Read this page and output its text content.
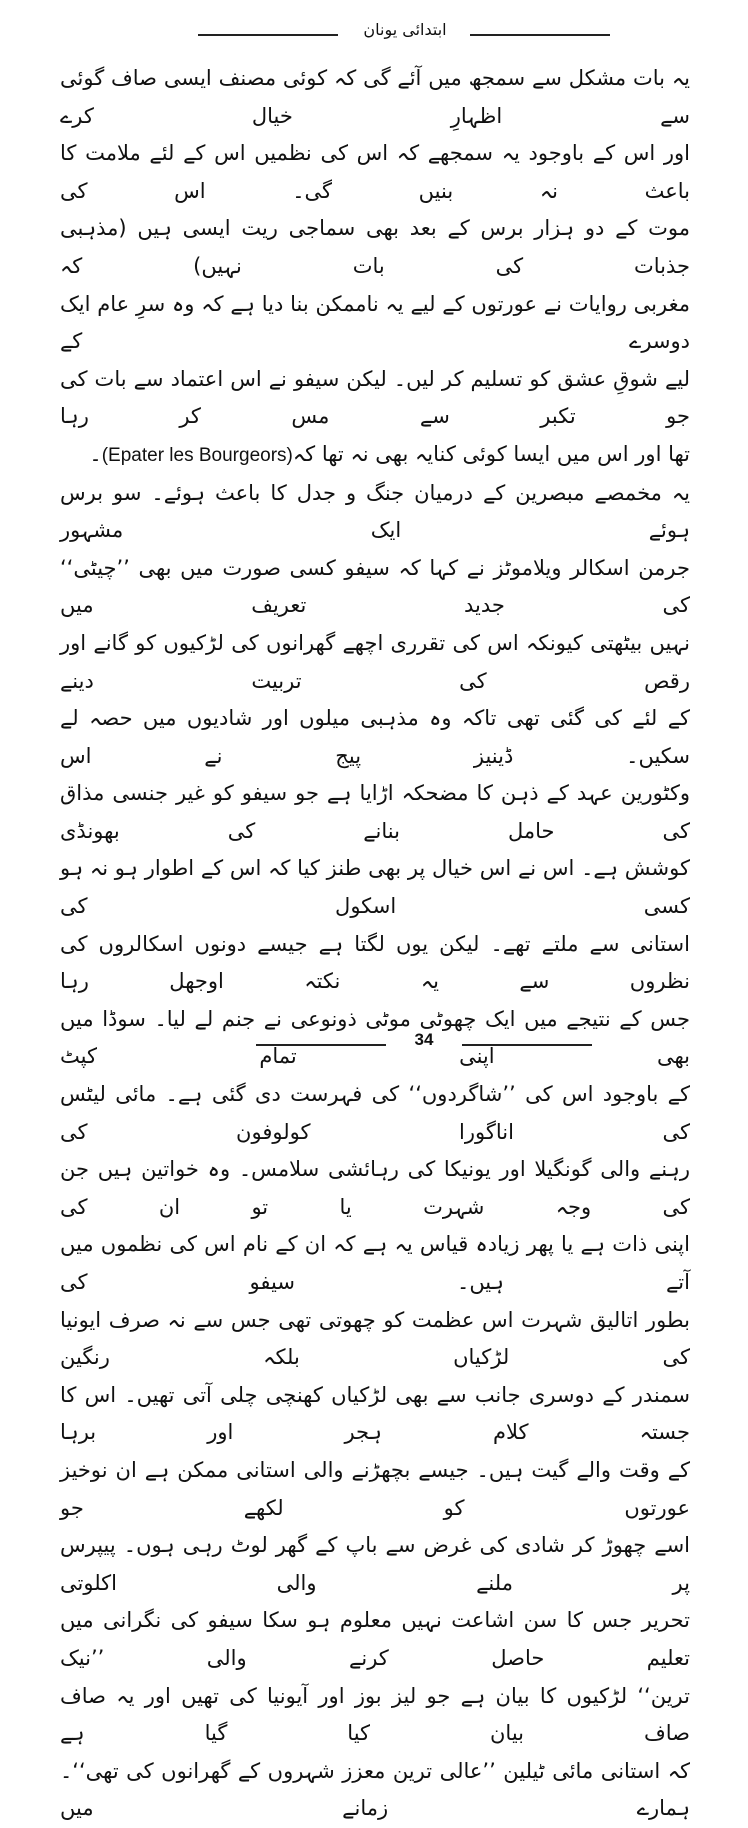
ابتدائی یونان

یہ بات مشکل سے سمجھ میں آئے گی کہ کوئی مصنف ایسی صاف گوئی سے اظہارِ خیال کرے

اور اس کے باوجود یہ سمجھے کہ اس کی نظمیں اس کے لئے ملامت کا باعث نہ بنیں گی۔ اس کی

موت کے دو ہزار برس کے بعد بھی سماجی ریت ایسی ہیں (مذہبی جذبات کی بات نہیں) کہ

مغربی روایات نے عورتوں کے لیے یہ ناممکن بنا دیا ہے کہ وہ سرِ عام ایک دوسرے کے

لیے شوقِ عشق کو تسلیم کر لیں۔ لیکن سیفو نے اس اعتماد سے بات کی جو تکبر سے مس کر رہا

تھا اور اس میں ایسا کوئی کنایہ بھی نہ تھا کہ(Epater les Bourgeors)۔

یہ مخمصے مبصرین کے درمیان جنگ و جدل کا باعث ہوئے۔ سو برس ہوئے ایک مشہور

جرمن اسکالر ویلاموٹز نے کہا کہ سیفو کسی صورت میں بھی ’’چیٹی‘‘ کی جدید تعریف میں

نہیں بیٹھتی کیونکہ اس کی تقرری اچھے گھرانوں کی لڑکیوں کو گانے اور رقص کی تربیت دینے

کے لئے کی گئی تھی تاکہ وہ مذہبی میلوں اور شادیوں میں حصہ لے سکیں۔ ڈینیز پیج نے اس

وکٹورین عہد کے ذہن کا مضحکہ اڑایا ہے جو سیفو کو غیر جنسی مذاق کی حامل بنانے کی بھونڈی

کوشش ہے۔ اس نے اس خیال پر بھی طنز کیا کہ اس کے اطوار ہو نہ ہو کسی اسکول کی

استانی سے ملتے تھے۔ لیکن یوں لگتا ہے جیسے دونوں اسکالروں کی نظروں سے یہ نکتہ اوجھل رہا

جس کے نتیجے میں ایک چھوٹی موٹی ذونوعی نے جنم لے لیا۔ سوڈا میں بھی اپنی تمام کپٹ

کے باوجود اس کی ’’شاگردوں‘‘ کی فہرست دی گئی ہے۔ مائی لیٹس کی اناگورا کولوفون کی

رہنے والی گونگیلا اور یونیکا کی رہائشی سلامس۔ وہ خواتین ہیں جن کی وجہ شہرت یا تو ان کی

اپنی ذات ہے یا پھر زیادہ قیاس یہ ہے کہ ان کے نام اس کی نظموں میں آتے ہیں۔ سیفو کی

بطور اتالیق شہرت اس عظمت کو چھوتی تھی جس سے نہ صرف ایونیا کی لڑکیاں بلکہ رنگین

سمندر کے دوسری جانب سے بھی لڑکیاں کھنچی چلی آتی تھیں۔ اس کا جستہ کلام ہجر اور برہا

کے وقت والے گیت ہیں۔ جیسے بچھڑنے والی استانی ممکن ہے ان نوخیز عورتوں کو لکھے جو

اسے چھوڑ کر شادی کی غرض سے باپ کے گھر لوٹ رہی ہوں۔ پیپرس پر ملنے والی اکلوتی

تحریر جس کا سن اشاعت نہیں معلوم ہو سکا سیفو کی نگرانی میں تعلیم حاصل کرنے والی ’’نیک

ترین‘‘ لڑکیوں کا بیان ہے جو لیز بوز اور آیونیا کی تھیں اور یہ صاف صاف بیان کیا گیا ہے

کہ استانی مائی ٹیلین ’’عالی ترین معزز شہروں کے گھرانوں کی تھی‘‘۔ ہمارے زمانے میں

34
